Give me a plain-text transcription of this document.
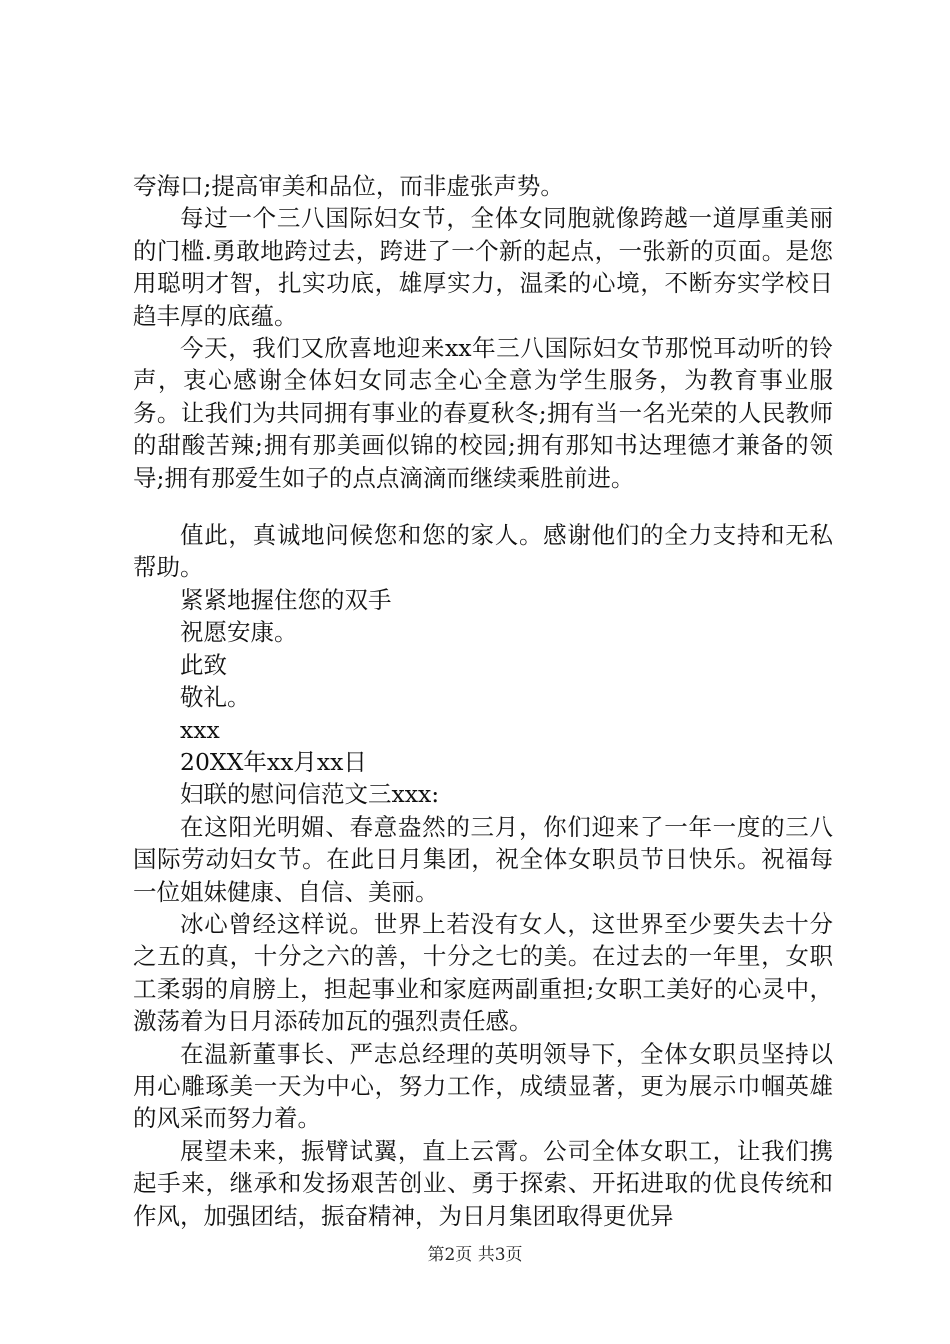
夸海口;提高审美和品位，而非虚张声势。

每过一个三八国际妇女节，全体女同胞就像跨越一道厚重美丽的门槛.勇敢地跨过去，跨进了一个新的起点，一张新的页面。是您用聪明才智，扎实功底，雄厚实力，温柔的心境，不断夯实学校日趋丰厚的底蕴。

今天，我们又欣喜地迎来xx年三八国际妇女节那悦耳动听的铃声，衷心感谢全体妇女同志全心全意为学生服务，为教育事业服务。让我们为共同拥有事业的春夏秋冬;拥有当一名光荣的人民教师的甜酸苦辣;拥有那美画似锦的校园;拥有那知书达理德才兼备的领导;拥有那爱生如子的点点滴滴而继续乘胜前进。

值此，真诚地问候您和您的家人。感谢他们的全力支持和无私帮助。

紧紧地握住您的双手

祝愿安康。

此致

敬礼。

xxx

20XX年xx月xx日

妇联的慰问信范文三xxx:

在这阳光明媚、春意盎然的三月，你们迎来了一年一度的三八国际劳动妇女节。在此日月集团，祝全体女职员节日快乐。祝福每一位姐妹健康、自信、美丽。

冰心曾经这样说。世界上若没有女人，这世界至少要失去十分之五的真，十分之六的善，十分之七的美。在过去的一年里，女职工柔弱的肩膀上，担起事业和家庭两副重担;女职工美好的心灵中，激荡着为日月添砖加瓦的强烈责任感。

在温新董事长、严志总经理的英明领导下，全体女职员坚持以用心雕琢美一天为中心，努力工作，成绩显著，更为展示巾帼英雄的风采而努力着。

展望未来，振臂试翼，直上云霄。公司全体女职工，让我们携起手来，继承和发扬艰苦创业、勇于探索、开拓进取的优良传统和作风，加强团结，振奋精神，为日月集团取得更优异

第2页 共3页
